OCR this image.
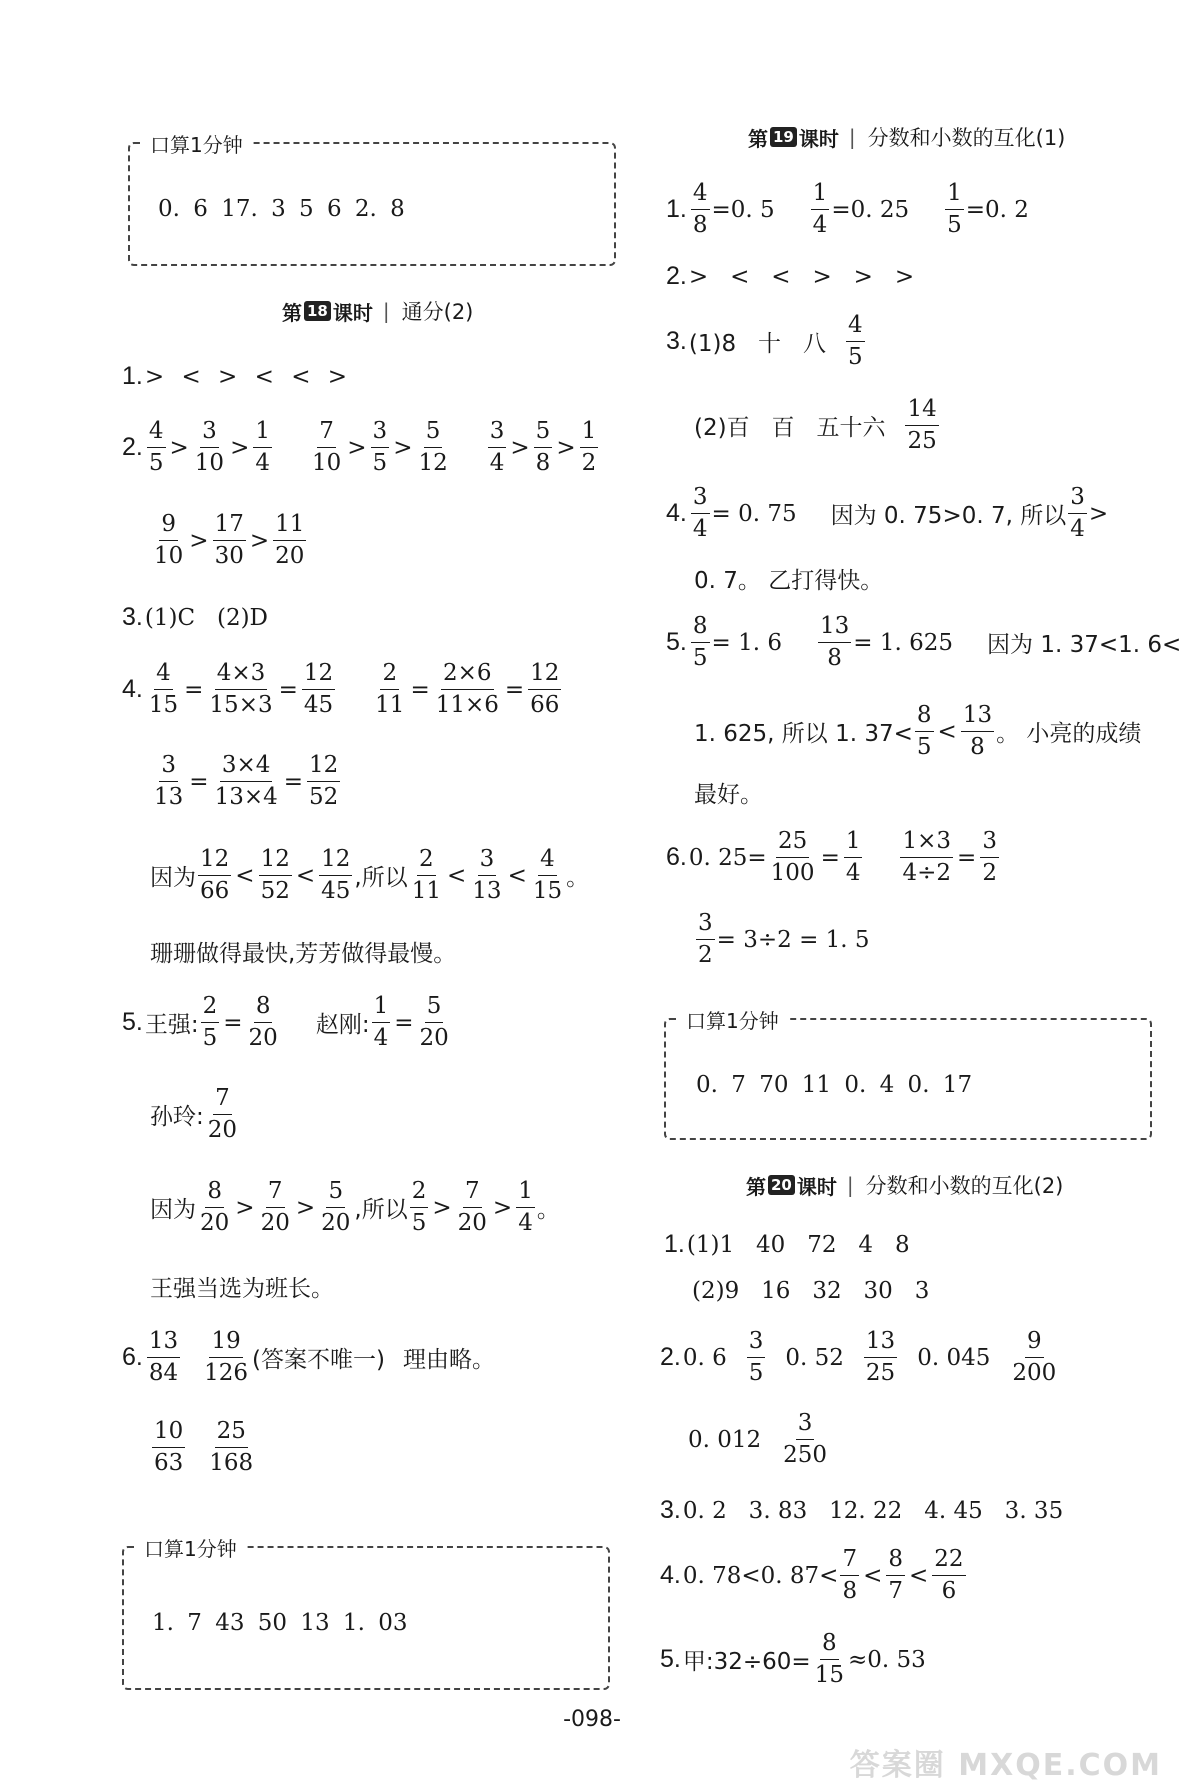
口算1分钟
0. 6 17. 3 5 6 2. 8
第 18 课时 | 通分(2)
1. > < > < < >
2. $\frac{4}{5} > \frac{3}{10} > \frac{1}{4} \frac{7}{10} > \frac{3}{5} > \frac{5}{12} \frac{3}{4} > \frac{5}{8} > \frac{1}{2}$
$\frac{9}{10} > \frac{17}{30} > \frac{11}{20}$
3. (1)C   (2)D
4. $\frac{4}{15} = \frac{4\times 3}{15\times 3} = \frac{12}{45} \frac{2}{11} = \frac{2\times 6}{11\times 6} = \frac{12}{66}$
$\frac{3}{13} = \frac{3\times 4}{13\times 4} = \frac{12}{52}$
因为 $\frac{12}{66} < \frac{12}{52} < \frac{12}{45}$ ,所以 $\frac{2}{11} < \frac{3}{13} < \frac{4}{15}$ 。
珊珊做得最快,芳芳做得最慢。
5. 王强: $\frac{2}{5} = \frac{8}{20}$ 赵刚: $\frac{1}{4} = \frac{5}{20}$
孙玲: $\frac{7}{20}$
因为 $\frac{8}{20} > \frac{7}{20} > \frac{5}{20}$ ,所以 $\frac{2}{5} > \frac{7}{20} > \frac{1}{4}$ 。
王强当选为班长。
6. $\frac{13}{84} \frac{19}{126}$ (答案不唯一) 理由略。
$\frac{10}{63} \frac{25}{168}$
口算1分钟
1. 7 43 50 13 1. 03
第 19 课时 | 分数和小数的互化(1)
1. $\frac{4}{8} =0$. $5 \frac{1}{4} =0$. $25 \frac{1}{5} =0$. 2
2. >   <   <   >   >   >
3. (1)8   十   八 $\frac{4}{5}$
(2)百   百   五十六 $\frac{14}{25}$
4. $\frac{3}{4} = 0$. 75 因为 0. 75>0. 7, 所以 $\frac{3}{4}$ >
0. 7。 乙打得快。
5. $\frac{8}{5} = 1$. $6 \frac{13}{8} = 1$. 625 因为 1. 37<1. 6<
1. 625, 所以 1. $37< \frac{8}{5} < \frac{13}{8}$ 。 小亮的成绩
最好。
6. 0. $25= \frac{25}{100} = \frac{1}{4} \frac{1\times 3}{4\div 2} = \frac{3}{2}$
$\frac{3}{2} = 3\div 2 = 1$. 5
口算1分钟
0. 7 70 11 0. 4 0. 17
第 20 课时 | 分数和小数的互化(2)
1. (1)1   40   72   4   8
(2)9   16   32   30   3
2. 0. $6 \frac{3}{5} 0$. $52 \frac{13}{25} 0$. $045 \frac{9}{200}$
0. $012 \frac{3}{250}$
3. 0. 2   3. 83   12. 22   4. 45   3. 35
4. 0. 78<0. $87< \frac{7}{8} < \frac{8}{7} < \frac{22}{6}$
5. 甲:32÷60= $\frac{8}{15} \approx 0$. 53
-098-
答案圈 MXQE.COM
